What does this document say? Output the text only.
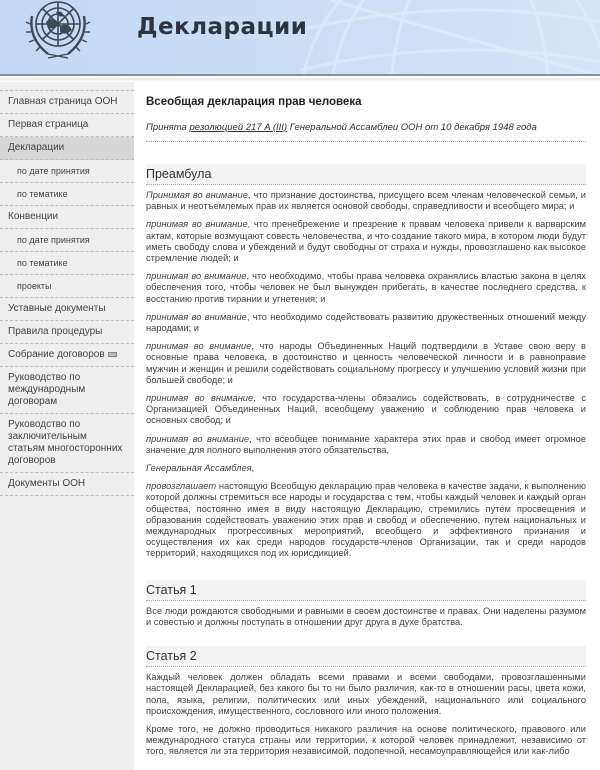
Декларации
Главная страница ООН
Первая страница
Декларации
по дате принятия
по тематике
Конвенции
по дате принятия
по тематике
проекты
Уставные документы
Правила процедуры
Собрание договоров
Руководство по международным договорам
Руководство по заключительным статьям многосторонних договоров
Документы ООН
Всеобщая декларация прав человека
Принята резолюцией 217 A (III) Генеральной Ассамблеи ООН от 10 декабря 1948 года
Преамбула

Принимая во внимание, что признание достоинства, присущего всем членам человеческой семьи, и равных и неотъемлемых прав их является основой свободы, справедливости и всеобщего мира; и

принимая во внимание, что пренебрежение и презрение к правам человека привели к варварским актам, которые возмущают совесть человечества, и что создание такого мира, в котором люди будут иметь свободу слова и убеждений и будут свободны от страха и нужды, провозглашено как высокое стремление людей; и

принимая во внимание, что необходимо, чтобы права человека охранялись властью закона в целях обеспечения того, чтобы человек не был вынужден прибегать, в качестве последнего средства, к восстанию против тирании и угнетения; и

принимая во внимание, что необходимо содействовать развитию дружественных отношений между народами; и

принимая во внимание, что народы Объединенных Наций подтвердили в Уставе свою веру в основные права человека, в достоинство и ценность человеческой личности и в равноправие мужчин и женщин и решили содействовать социальному прогрессу и улучшению условий жизни при большей свободе; и

принимая во внимание, что государства-члены обязались содействовать, в сотрудничестве с Организацией Объединенных Наций, всеобщему уважению и соблюдению прав человека и основных свобод; и

принимая во внимание, что всеобщее понимание характера этих прав и свобод имеет огромное значение для полного выполнения этого обязательства,

Генеральная Ассамблея,

провозглашает настоящую Всеобщую декларацию прав человека в качестве задачи, к выполнению которой должны стремиться все народы и государства с тем, чтобы каждый человек и каждый орган общества, постоянно имея в виду настоящую Декларацию, стремились путем просвещения и образования содействовать уважению этих прав и свобод и обеспечению, путем национальных и международных прогрессивных мероприятий, всеобщего и эффективного признания и осуществления их как среди народов государств-членов Организации, так и среди народов территорий, находящихся под их юрисдикцией.

Статья 1

Все люди рождаются свободными и равными в своем достоинстве и правах. Они наделены разумом и совестью и должны поступать в отношении друг друга в духе братства.

Статья 2

Каждый человек должен обладать всеми правами и всеми свободами, провозглашенными настоящей Декларацией, без какого бы то ни было различия, как-то в отношении расы, цвета кожи, пола, языка, религии, политических или иных убеждений, национального или социального происхождения, имущественного, сословного или иного положения.

Кроме того, не должно проводиться никакого различия на основе политического, правового или международного статуса страны или территории, к которой человек принадлежит, независимо от того, является ли эта территория независимой, подопечной, несамоуправляющейся или как-либо
